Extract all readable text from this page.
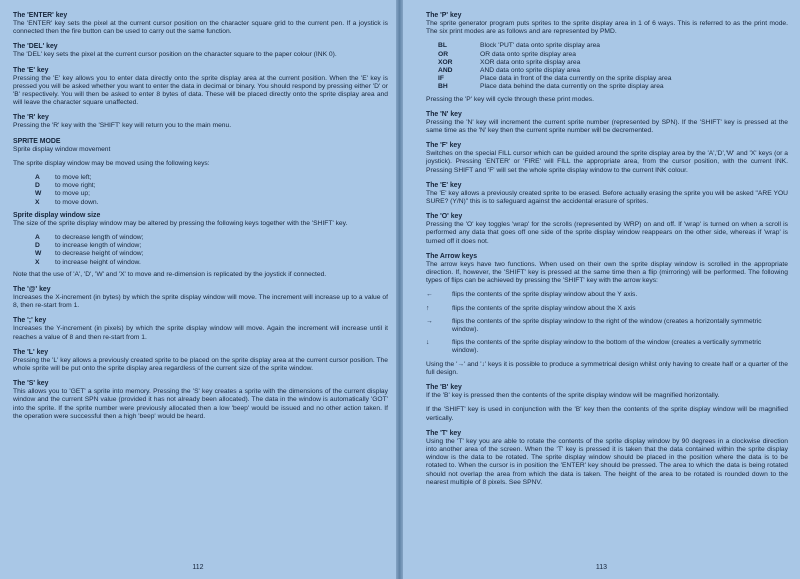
The 'ENTER' key

The 'ENTER' key sets the pixel at the current cursor position on the character square grid to the current pen. If a joystick is connected then the fire button can be used to carry out the same function.

The 'DEL' key

The 'DEL' key sets the pixel at the current cursor position on the character square to the paper colour (INK 0).

The 'E' key

Pressing the 'E' key allows you to enter data directly onto the sprite display area at the current position. When the 'E' key is pressed you will be asked whether you want to enter the data in decimal or binary. You should respond by pressing either 'D' or 'B' respectively. You will then be asked to enter 8 bytes of data. These will be placed directly onto the sprite display area and will leave the character square unaffected.

The 'R' key

Pressing the 'R' key with the 'SHIFT' key will return you to the main menu.

SPRITE MODE

Sprite display window movement

The sprite display window may be moved using the following keys:

A	to move left;
D	to move right;
W	to move up;
X	to move down.
Sprite display window size

The size of the sprite display window may be altered by pressing the following keys together with the 'SHIFT' key.

A	to decrease length of window;
D	to increase length of window;
W	to decrease height of window;
X	to increase height of window.

Note that the use of 'A', 'D', 'W' and 'X' to move and re-dimension is replicated by the joystick if connected.

The '@' key

Increases the X-increment (in bytes) by which the sprite display window will move. The increment will increase up to a value of 8, then re-start from 1.

The ';' key

Increases the Y-increment (in pixels) by which the sprite display window will move. Again the increment will increase until it reaches a value of 8 and then re-start from 1.

The 'L' key

Pressing the 'L' key allows a previously created sprite to be placed on the sprite display area at the current cursor position. The whole sprite will be put onto the sprite display area regardless of the current size of the sprite window.

The 'S' key

This allows you to 'GET' a sprite into memory. Pressing the 'S' key creates a sprite with the dimensions of the current display window and the current SPN value (provided it has not already been allocated). The data in the window is automatically 'GOT' into the sprite. If the sprite number were previously allocated then a low 'beep' would be issued and no other action taken. If the operation were successful then a high 'beep' would be heard.

112
The 'P' key

The sprite generator program puts sprites to the sprite display area in 1 of 6 ways. This is referred to as the print mode. The six print modes are as follows and are represented by PMD.

BL	Block 'PUT' data onto sprite display area
OR	OR data onto sprite display area
XOR	XOR data onto sprite display area
AND	AND data onto sprite display area
IF	Place data in front of the data currently on the sprite display area
BH	Place data behind the data currently on the sprite display area

Pressing the 'P' key will cycle through these print modes.

The 'N' key

Pressing the 'N' key will increment the current sprite number (represented by SPN). If the 'SHIFT' key is pressed at the same time as the 'N' key then the current sprite number will be decremented.

The 'F' key

Switches on the special FILL cursor which can be guided around the sprite display area by the 'A','D','W' and 'X' keys (or a joystick). Pressing 'ENTER' or 'FIRE' will FILL the appropriate area, from the cursor position, with the current INK. Pressing SHIFT and 'F' will set the whole sprite display window to the current INK colour.

The 'E' key

The 'E' key allows a previously created sprite to be erased. Before actually erasing the sprite you will be asked "ARE YOU SURE? (Y/N)" this is to safeguard against the accidental erasure of sprites.

The 'O' key

Pressing the 'O' key toggles 'wrap' for the scrolls (represented by WRP) on and off. If 'wrap' is turned on when a scroll is performed any data that goes off one side of the sprite display window reappears on the other side, whereas if 'wrap' is turned off it does not.

The Arrow keys

The arrow keys have two functions. When used on their own the sprite display window is scrolled in the appropriate direction. If, however, the 'SHIFT' key is pressed at the same time then a flip (mirroring) will be performed. The following types of flips can be achieved by pressing the 'SHIFT' key with the arrow keys:

←	flips the contents of the sprite display window about the Y axis.
↑	flips the contents of the sprite display window about the X axis
→	flips the contents of the sprite display window to the right of the window (creates a horizontally symmetric window).
↓	flips the contents of the sprite display window to the bottom of the window (creates a vertically symmetric window).

Using the '→' and '↓' keys it is possible to produce a symmetrical design whilst only having to create half or a quarter of the full design.

The 'B' key

If the 'B' key is pressed then the contents of the sprite display window will be magnified horizontally.

If the 'SHIFT' key is used in conjunction with the 'B' key then the contents of the sprite display window will be magnified vertically.

The 'T' key

Using the 'T' key you are able to rotate the contents of the sprite display window by 90 degrees in a clockwise direction into another area of the screen. When the 'T' key is pressed it is taken that the data contained within the sprite display window is the data to be rotated. The sprite display window should be placed in the position where the data is to be rotated to. When the cursor is in position the 'ENTER' key should be pressed. The area to which the data is being rotated should not overlap the area from which the data is taken. The height of the area to be rotated is rounded down to the nearest multiple of 8 pixels. See SPNV.

113
